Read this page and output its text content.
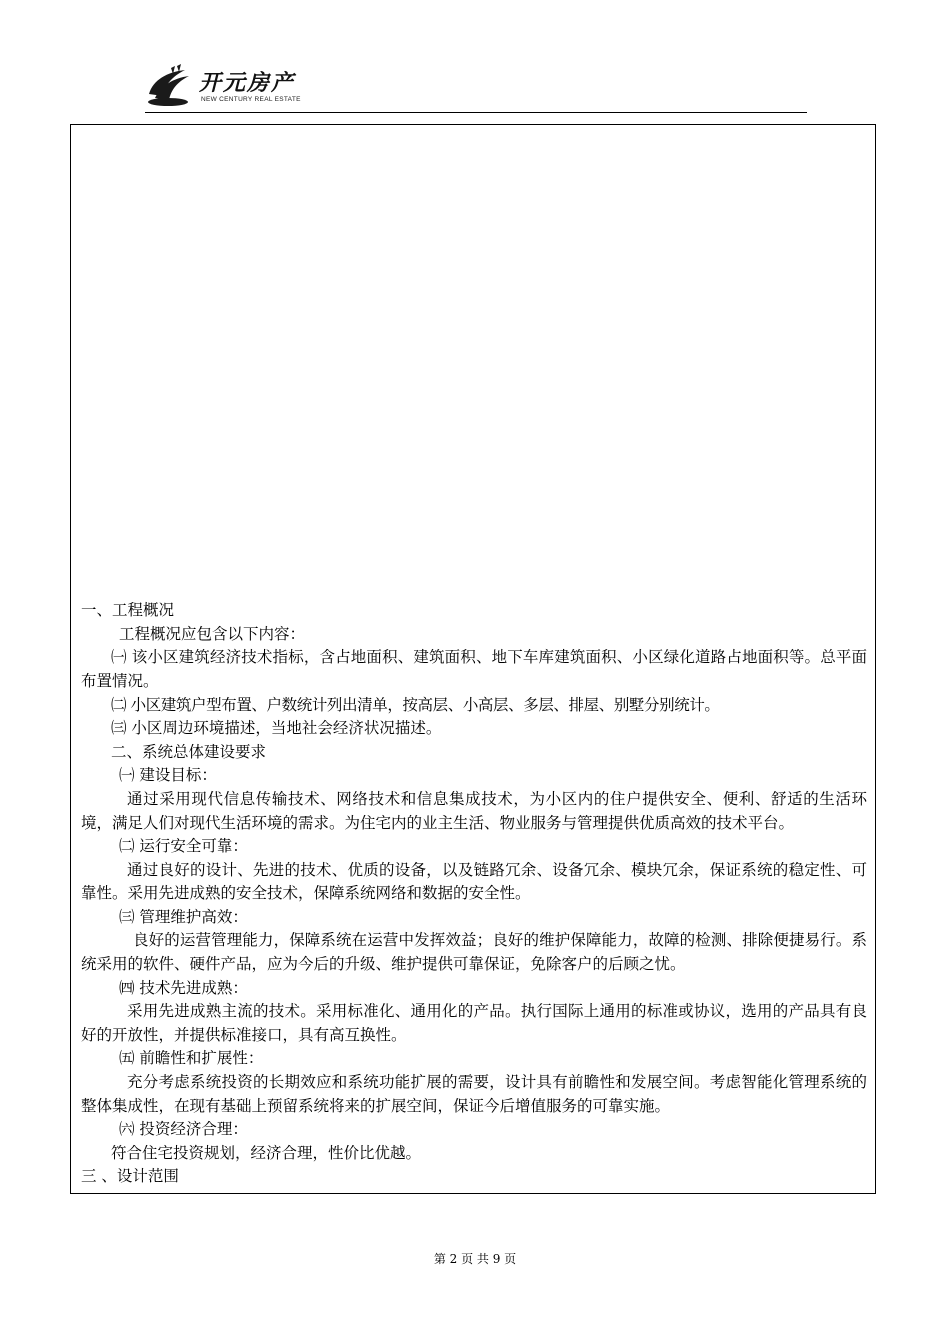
开元房产
NEW CENTURY REAL ESTATE

一、工程概况

工程概况应包含以下内容：

㈠ 该小区建筑经济技术指标，含占地面积、建筑面积、地下车库建筑面积、小区绿化道路占地面积等。总平面布置情况。

㈡ 小区建筑户型布置、户数统计列出清单，按高层、小高层、多层、排屋、别墅分别统计。

㈢ 小区周边环境描述，当地社会经济状况描述。

二、系统总体建设要求

㈠ 建设目标：

通过采用现代信息传输技术、网络技术和信息集成技术，为小区内的住户提供安全、便利、舒适的生活环境，满足人们对现代生活环境的需求。为住宅内的业主生活、物业服务与管理提供优质高效的技术平台。

㈡ 运行安全可靠：

通过良好的设计、先进的技术、优质的设备，以及链路冗余、设备冗余、模块冗余，保证系统的稳定性、可靠性。采用先进成熟的安全技术，保障系统网络和数据的安全性。

㈢ 管理维护高效：

良好的运营管理能力，保障系统在运营中发挥效益；良好的维护保障能力，故障的检测、排除便捷易行。系统采用的软件、硬件产品，应为今后的升级、维护提供可靠保证，免除客户的后顾之忧。

㈣ 技术先进成熟：

采用先进成熟主流的技术。采用标准化、通用化的产品。执行国际上通用的标准或协议，选用的产品具有良好的开放性，并提供标准接口，具有高互换性。

㈤ 前瞻性和扩展性：

充分考虑系统投资的长期效应和系统功能扩展的需要，设计具有前瞻性和发展空间。考虑智能化管理系统的整体集成性，在现有基础上预留系统将来的扩展空间，保证今后增值服务的可靠实施。

㈥ 投资经济合理：

符合住宅投资规划，经济合理，性价比优越。

三 、设计范围

第 2 页 共 9 页
